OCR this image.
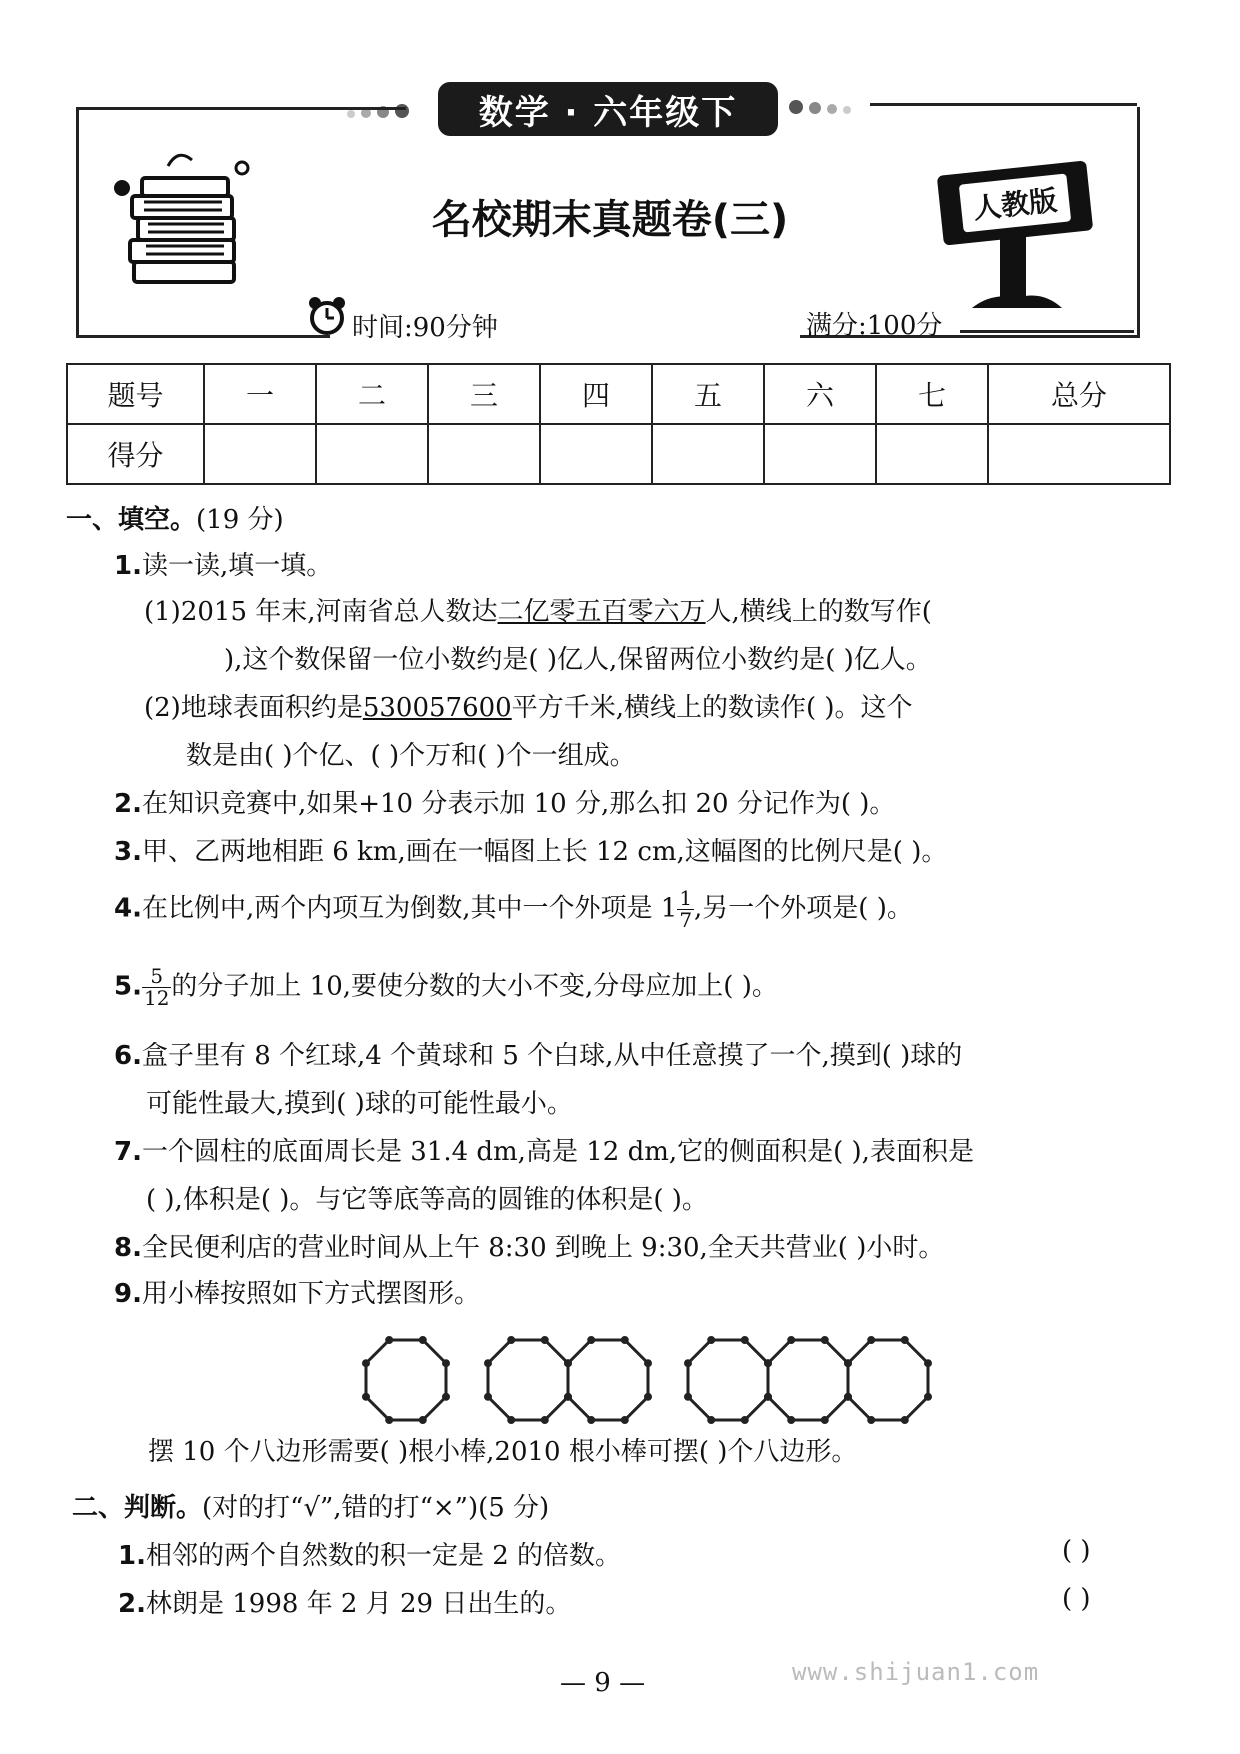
数学 · 六年级下
名校期末真题卷(三)	人教版
时间:90分钟	满分:100分
题号	一	二	三	四	五	六	七	总分
得分								
一、填空。(19 分)
1.读一读,填一填。
(1)2015 年末,河南省总人数达二亿零五百零六万人,横线上的数写作(
),这个数保留一位小数约是( )亿人,保留两位小数约是( )亿人。
(2)地球表面积约是530057600平方千米,横线上的数读作( )。这个
数是由( )个亿、( )个万和( )个一组成。
2.在知识竞赛中,如果+10 分表示加 10 分,那么扣 20 分记作为( )。
3.甲、乙两地相距 6 km,画在一幅图上长 12 cm,这幅图的比例尺是( )。
4.在比例中,两个内项互为倒数,其中一个外项是 $1 \frac{1}{7}$ ,另一个外项是( )。
5. $\frac{5}{12}$ 的分子加上 10,要使分数的大小不变,分母应加上( )。
6.盒子里有 8 个红球,4 个黄球和 5 个白球,从中任意摸了一个,摸到( )球的
可能性最大,摸到( )球的可能性最小。
7.一个圆柱的底面周长是 31.4 dm,高是 12 dm,它的侧面积是( ),表面积是
( ),体积是( )。与它等底等高的圆锥的体积是( )。
8.全民便利店的营业时间从上午 8:30 到晚上 9:30,全天共营业( )小时。
9.用小棒按照如下方式摆图形。
摆 10 个八边形需要( )根小棒,2010 根小棒可摆( )个八边形。
二、判断。(对的打“√”,错的打“×”)(5 分)
1.相邻的两个自然数的积一定是 2 的倍数。	( )
2.林朗是 1998 年 2 月 29 日出生的。	( )
— 9 —	www.shijuan1.com
